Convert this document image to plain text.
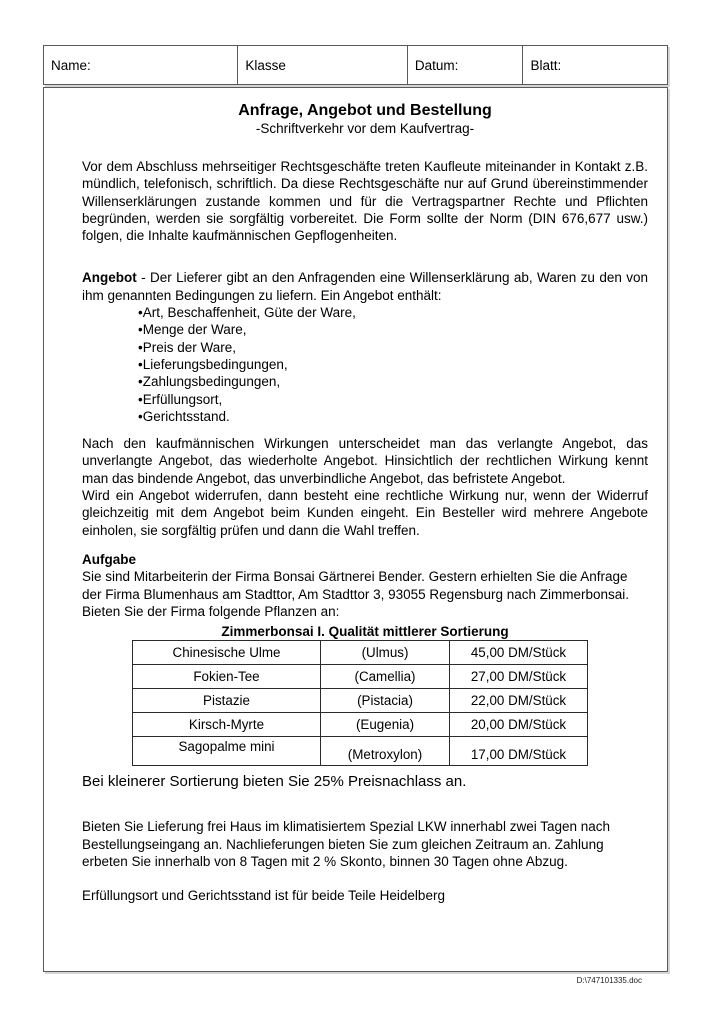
Name:	Klasse	Datum:	Blatt:

Anfrage, Angebot und Bestellung

-Schriftverkehr vor dem Kaufvertrag-

Vor dem Abschluss mehrseitiger Rechtsgeschäfte treten Kaufleute miteinander in Kontakt z.B. mündlich, telefonisch, schriftlich. Da diese Rechtsgeschäfte nur auf Grund übereinstimmender Willenserklärungen zustande kommen und für die Vertragspartner Rechte und Pflichten begründen, werden sie sorgfältig vorbereitet. Die Form sollte der Norm (DIN 676,677 usw.) folgen, die Inhalte kaufmännischen Gepflogenheiten.

Angebot - Der Lieferer gibt an den Anfragenden eine Willenserklärung ab, Waren zu den von ihm genannten Bedingungen zu liefern. Ein Angebot enthält:

• Art, Beschaffenheit, Güte der Ware,
• Menge der Ware,
• Preis der Ware,
• Lieferungsbedingungen,
• Zahlungsbedingungen,
• Erfüllungsort,
• Gerichtsstand.

Nach den kaufmännischen Wirkungen unterscheidet man das verlangte Angebot, das unverlangte Angebot, das wiederholte Angebot. Hinsichtlich der rechtlichen Wirkung kennt man das bindende Angebot, das unverbindliche Angebot, das befristete Angebot.

Wird ein Angebot widerrufen, dann besteht eine rechtliche Wirkung nur, wenn der Widerruf gleichzeitig mit dem Angebot beim Kunden eingeht. Ein Besteller wird mehrere Angebote einholen, sie sorgfältig prüfen und dann die Wahl treffen.

Aufgabe

Sie sind Mitarbeiterin der Firma Bonsai Gärtnerei Bender. Gestern erhielten Sie die Anfrage der Firma Blumenhaus am Stadttor, Am Stadttor 3, 93055 Regensburg nach Zimmerbonsai. Bieten Sie der Firma folgende Pflanzen an:

Zimmerbonsai I. Qualität mittlerer Sortierung

Chinesische Ulme	(Ulmus)	45,00 DM/Stück
Fokien-Tee	(Camellia)	27,00 DM/Stück
Pistazie	(Pistacia)	22,00 DM/Stück
Kirsch-Myrte	(Eugenia)	20,00 DM/Stück
Sagopalme mini	(Metroxylon)	17,00 DM/Stück

Bei kleinerer Sortierung bieten Sie 25% Preisnachlass an.

Bieten Sie Lieferung frei Haus im klimatisiertem Spezial LKW innerhabl zwei Tagen nach Bestellungseingang an. Nachlieferungen bieten Sie zum gleichen Zeitraum an. Zahlung erbeten Sie innerhalb von 8 Tagen mit 2 % Skonto, binnen 30 Tagen ohne Abzug.

Erfüllungsort und Gerichtsstand ist für beide Teile Heidelberg

D:\747101335.doc
